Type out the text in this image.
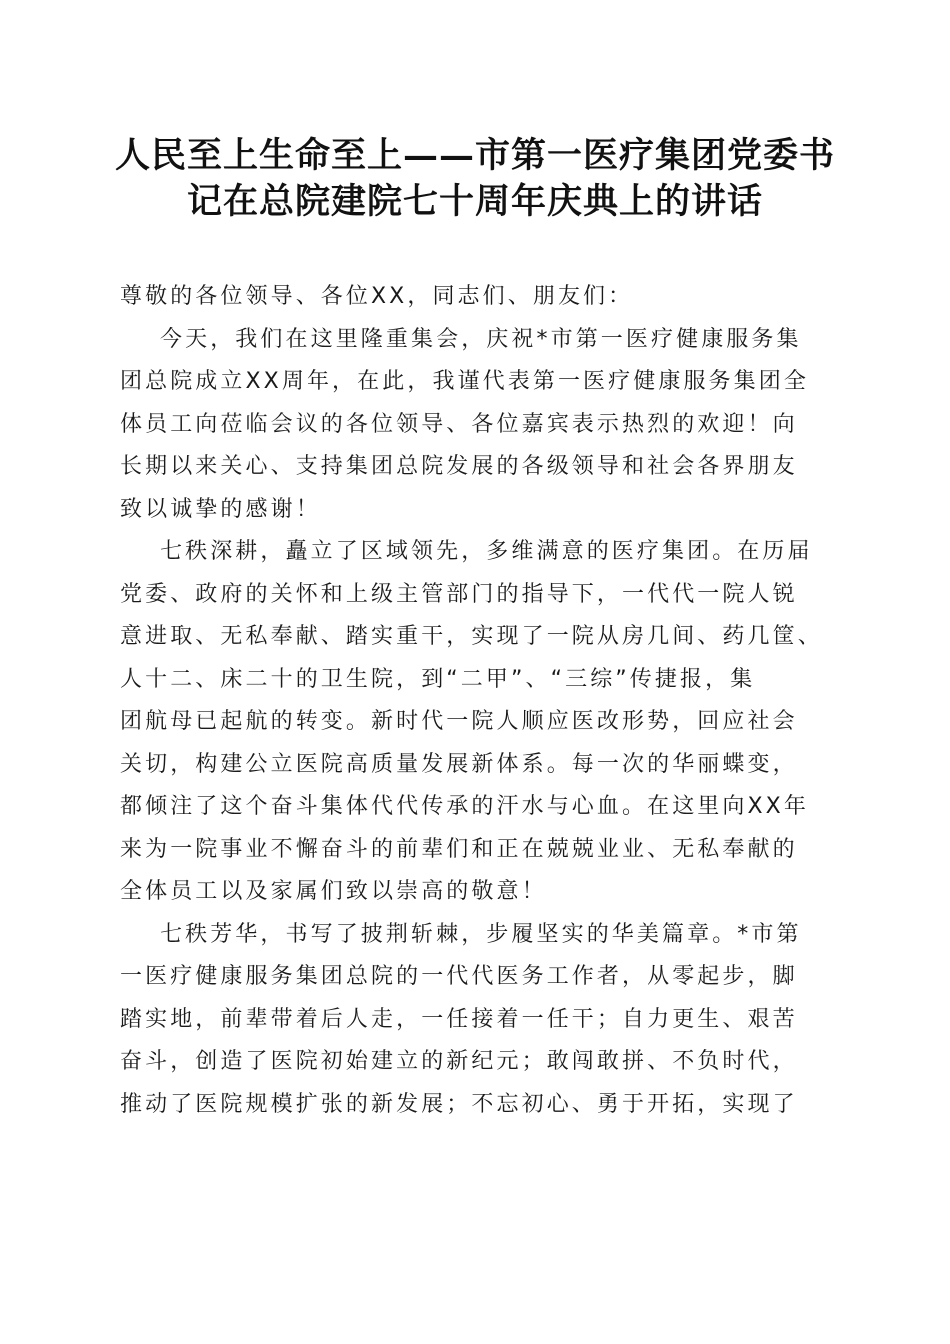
人民至上生命至上——市第一医疗集团党委书
记在总院建院七十周年庆典上的讲话
尊敬的各位领导、各位XX，同志们、朋友们：
今天，我们在这里隆重集会，庆祝*市第一医疗健康服务集
团总院成立XX周年，在此，我谨代表第一医疗健康服务集团全
体员工向莅临会议的各位领导、各位嘉宾表示热烈的欢迎！向
长期以来关心、支持集团总院发展的各级领导和社会各界朋友
致以诚挚的感谢！
七秩深耕，矗立了区域领先，多维满意的医疗集团。在历届
党委、政府的关怀和上级主管部门的指导下，一代代一院人锐
意进取、无私奉献、踏实重干，实现了一院从房几间、药几筐、
人十二、床二十的卫生院，到“二甲”、“三综”传捷报，集
团航母已起航的转变。新时代一院人顺应医改形势，回应社会
关切，构建公立医院高质量发展新体系。每一次的华丽蝶变，
都倾注了这个奋斗集体代代传承的汗水与心血。在这里向XX年
来为一院事业不懈奋斗的前辈们和正在兢兢业业、无私奉献的
全体员工以及家属们致以崇高的敬意！
七秩芳华，书写了披荆斩棘，步履坚实的华美篇章。*市第
一医疗健康服务集团总院的一代代医务工作者，从零起步，脚
踏实地，前辈带着后人走，一任接着一任干；自力更生、艰苦
奋斗，创造了医院初始建立的新纪元；敢闯敢拼、不负时代，
推动了医院规模扩张的新发展；不忘初心、勇于开拓，实现了
